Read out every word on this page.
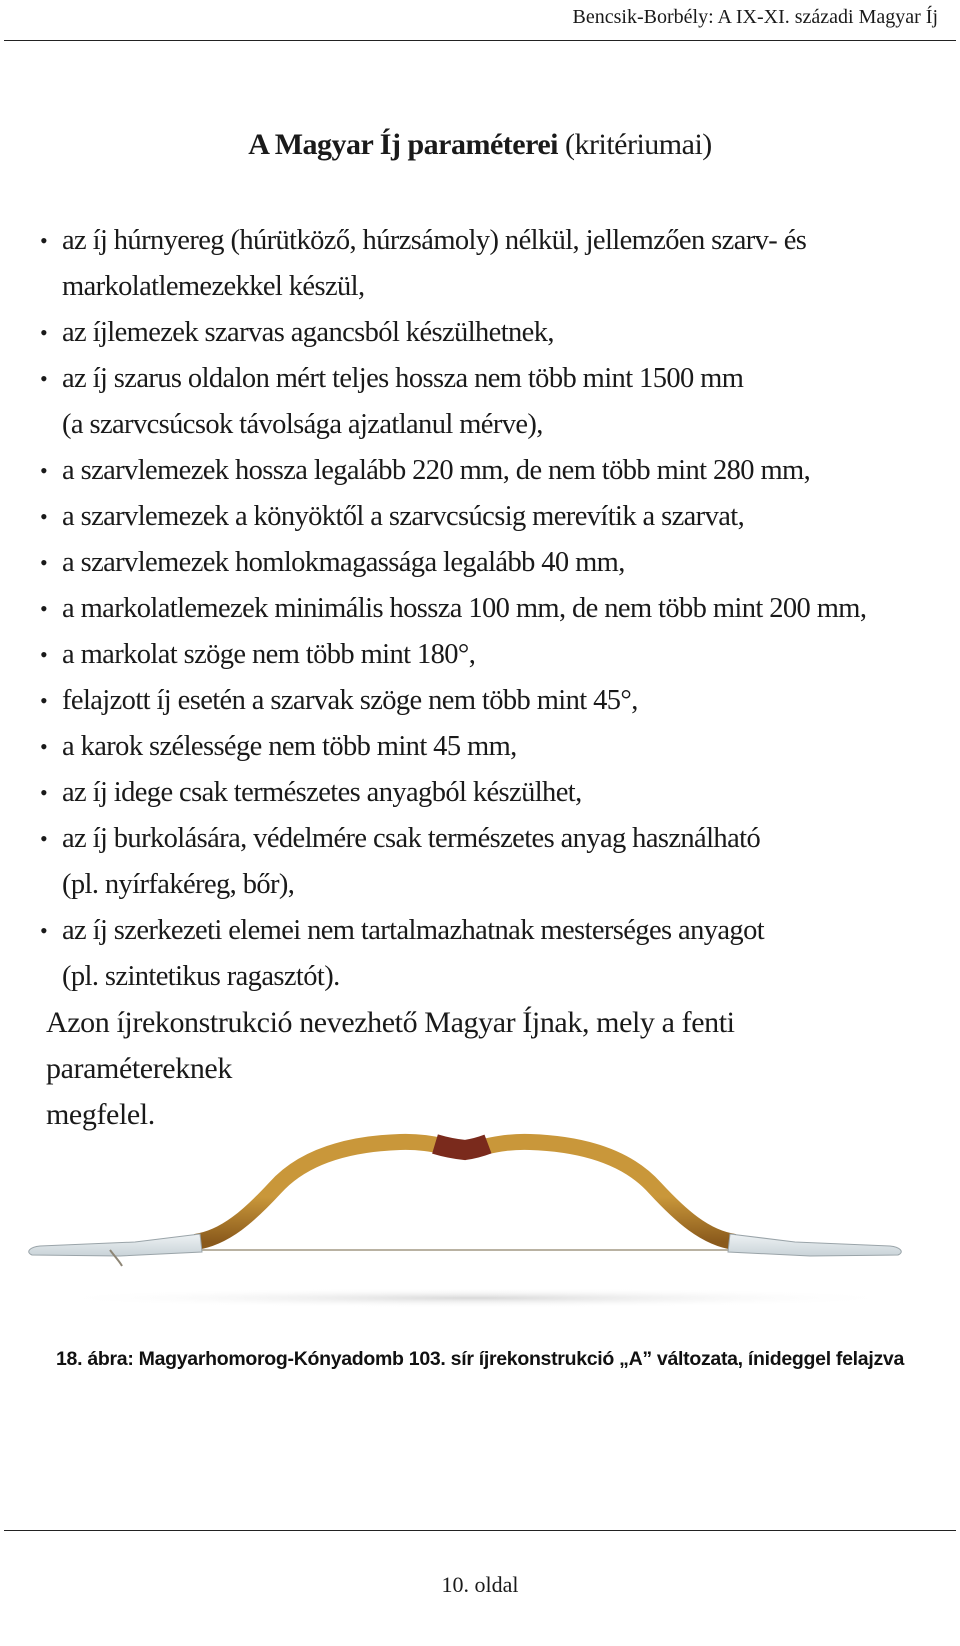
Bencsik-Borbély: A IX-XI. századi Magyar Íj
A Magyar Íj paraméterei (kritériumai)
• az íj húrnyereg (húrütköző, húrzsámoly) nélkül, jellemzően szarv- és
markolatlemezekkel készül,
• az íjlemezek szarvas agancsból készülhetnek,
• az íj szarus oldalon mért teljes hossza nem több mint 1500 mm
(a szarvcsúcsok távolsága ajzatlanul mérve),
• a szarvlemezek hossza legalább 220 mm, de nem több mint 280 mm,
• a szarvlemezek a könyöktől a szarvcsúcsig merevítik a szarvat,
• a szarvlemezek homlokmagassága legalább 40 mm,
• a markolatlemezek minimális hossza 100 mm, de nem több mint 200 mm,
• a markolat szöge nem több mint 180°,
• felajzott íj esetén a szarvak szöge nem több mint 45°,
• a karok szélessége nem több mint 45 mm,
• az íj idege csak természetes anyagból készülhet,
• az íj burkolására, védelmére csak természetes anyag használható
(pl. nyírfakéreg, bőr),
• az íj szerkezeti elemei nem tartalmazhatnak mesterséges anyagot
(pl. szintetikus ragasztót).

Azon íjrekonstrukció nevezhető Magyar Íjnak, mely a fenti paramétereknek
megfelel.

18. ábra: Magyarhomorog-Kónyadomb 103. sír íjrekonstrukció „A” változata, ínideggel felajzva
10. oldal
